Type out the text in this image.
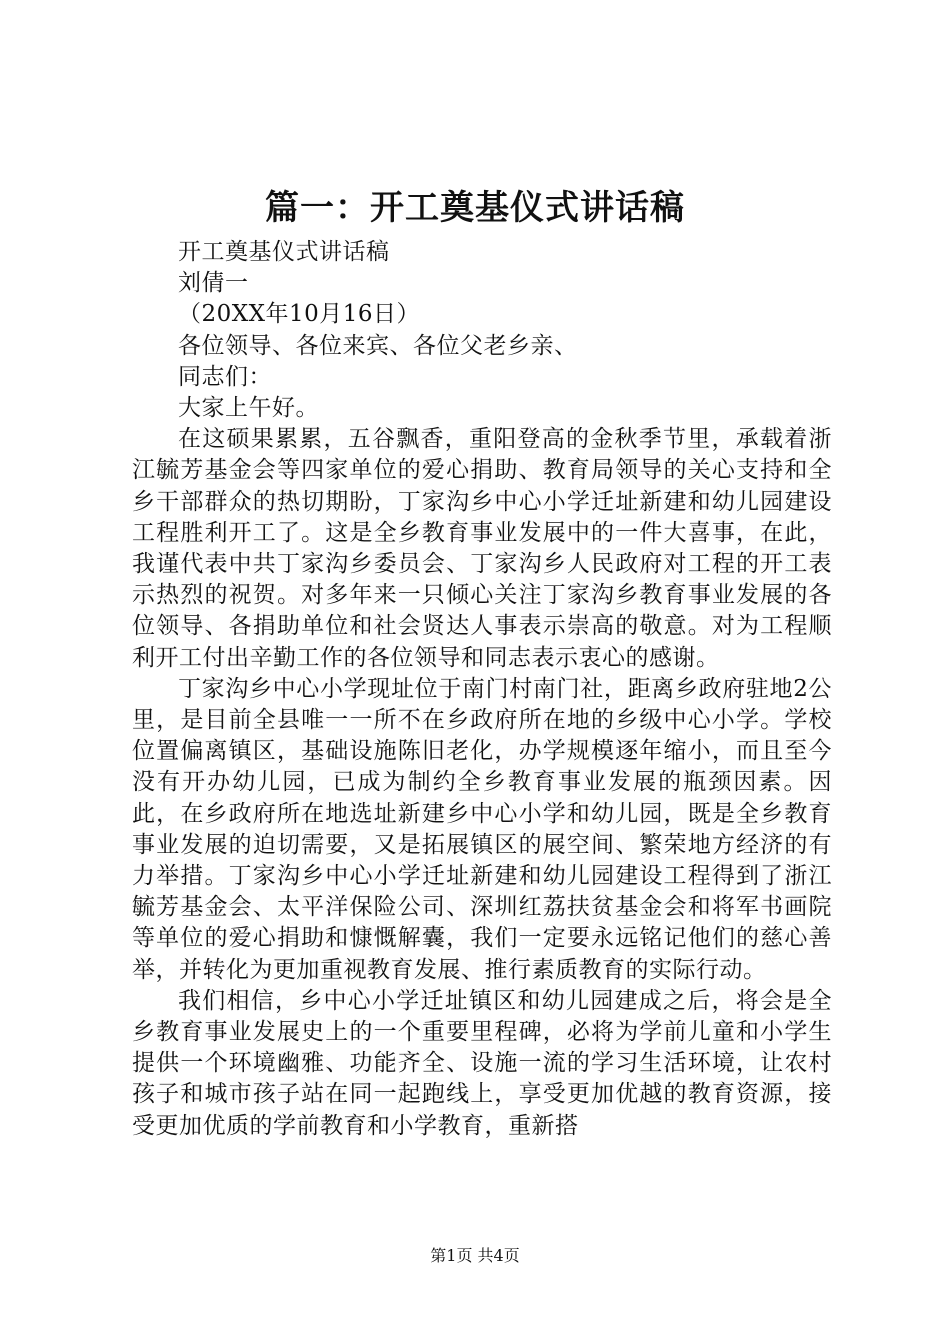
篇一：开工奠基仪式讲话稿

开工奠基仪式讲话稿

刘倩一

（20XX年10月16日）

各位领导、各位来宾、各位父老乡亲、

同志们：

大家上午好。

在这硕果累累，五谷飘香，重阳登高的金秋季节里，承载着浙江毓芳基金会等四家单位的爱心捐助、教育局领导的关心支持和全乡干部群众的热切期盼，丁家沟乡中心小学迁址新建和幼儿园建设工程胜利开工了。这是全乡教育事业发展中的一件大喜事，在此，我谨代表中共丁家沟乡委员会、丁家沟乡人民政府对工程的开工表示热烈的祝贺。对多年来一只倾心关注丁家沟乡教育事业发展的各位领导、各捐助单位和社会贤达人事表示崇高的敬意。对为工程顺利开工付出辛勤工作的各位领导和同志表示衷心的感谢。

丁家沟乡中心小学现址位于南门村南门社，距离乡政府驻地2公里，是目前全县唯一一所不在乡政府所在地的乡级中心小学。学校位置偏离镇区，基础设施陈旧老化，办学规模逐年缩小，而且至今没有开办幼儿园，已成为制约全乡教育事业发展的瓶颈因素。因此，在乡政府所在地选址新建乡中心小学和幼儿园，既是全乡教育事业发展的迫切需要，又是拓展镇区的展空间、繁荣地方经济的有力举措。丁家沟乡中心小学迁址新建和幼儿园建设工程得到了浙江毓芳基金会、太平洋保险公司、深圳红荔扶贫基金会和将军书画院等单位的爱心捐助和慷慨解囊，我们一定要永远铭记他们的慈心善举，并转化为更加重视教育发展、推行素质教育的实际行动。

我们相信，乡中心小学迁址镇区和幼儿园建成之后，将会是全乡教育事业发展史上的一个重要里程碑，必将为学前儿童和小学生提供一个环境幽雅、功能齐全、设施一流的学习生活环境，让农村孩子和城市孩子站在同一起跑线上，享受更加优越的教育资源，接受更加优质的学前教育和小学教育，重新搭

第1页 共4页
